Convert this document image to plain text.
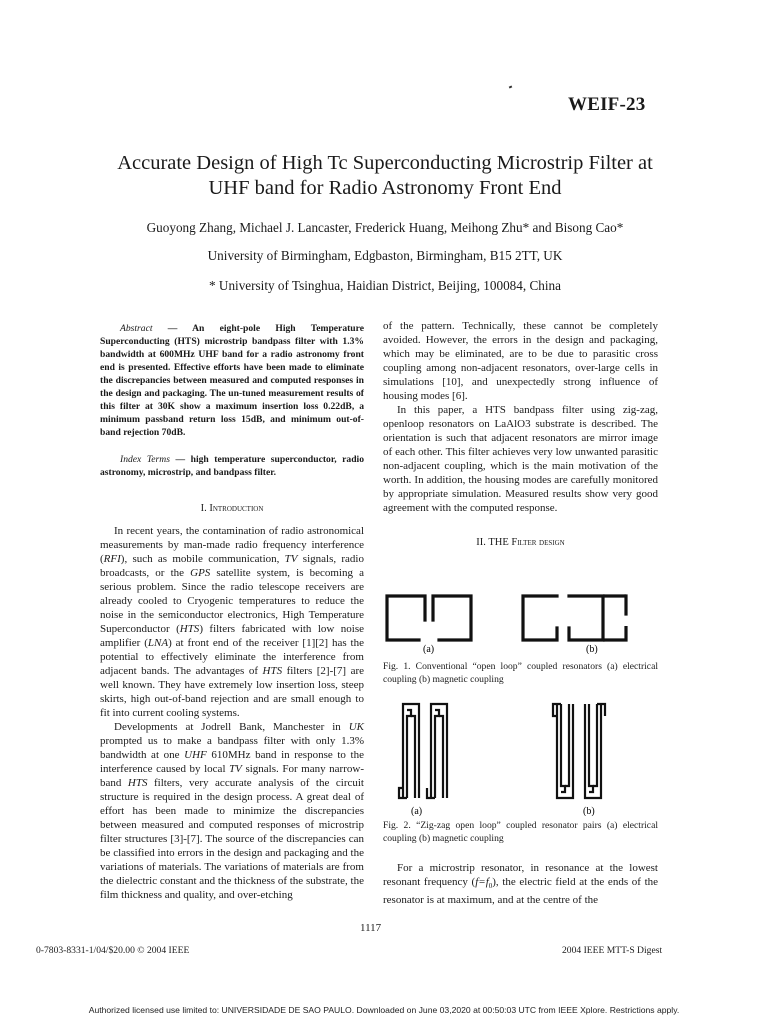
WEIF-23
Accurate Design of High Tc Superconducting Microstrip Filter at
UHF band for Radio Astronomy Front End
Guoyong Zhang, Michael J. Lancaster, Frederick Huang, Meihong Zhu* and Bisong Cao*
University of Birmingham, Edgbaston, Birmingham, B15 2TT, UK
* University of Tsinghua, Haidian District, Beijing, 100084, China

Abstract — An eight-pole High Temperature Superconducting (HTS) microstrip bandpass filter with 1.3% bandwidth at 600MHz UHF band for a radio astronomy front end is presented. Effective efforts have been made to eliminate the discrepancies between measured and computed responses in the design and packaging. The un-tuned measurement results of this filter at 30K show a maximum insertion loss 0.22dB, a minimum passband return loss 15dB, and minimum out-of-band rejection 70dB.

Index Terms — high temperature superconductor, radio astronomy, microstrip, and bandpass filter.

I. Introduction

In recent years, the contamination of radio astronomical measurements by man-made radio frequency interference (RFI), such as mobile communication, TV signals, radio broadcasts, or the GPS satellite system, is becoming a serious problem. Since the radio telescope receivers are already cooled to Cryogenic temperatures to reduce the noise in the semiconductor electronics, High Temperature Superconductor (HTS) filters fabricated with low noise amplifier (LNA) at front end of the receiver [1][2] has the potential to effectively eliminate the interference from adjacent bands. The advantages of HTS filters [2]-[7] are well known. They have extremely low insertion loss, steep skirts, high out-of-band rejection and are small enough to fit into current cooling systems.

Developments at Jodrell Bank, Manchester in UK prompted us to make a bandpass filter with only 1.3% bandwidth at one UHF 610MHz band in response to the interference caused by local TV signals. For many narrow-band HTS filters, very accurate analysis of the circuit structure is required in the design process. A great deal of effort has been made to minimize the discrepancies between measured and computed responses of microstrip filter structures [3]-[7]. The source of the discrepancies can be classified into errors in the design and packaging and the variations of materials. The variations of materials are from the dielectric constant and the thickness of the substrate, the film thickness and quality, and over-etching

of the pattern. Technically, these cannot be completely avoided. However, the errors in the design and packaging, which may be eliminated, are to be due to parasitic cross coupling among non-adjacent resonators, over-large cells in simulations [10], and unexpectedly strong influence of housing modes [6].

In this paper, a HTS bandpass filter using zig-zag, openloop resonators on LaAlO3 substrate is described. The orientation is such that adjacent resonators are mirror image of each other. This filter achieves very low unwanted parasitic non-adjacent coupling, which is the main motivation of the worth. In addition, the housing modes are carefully monitored by appropriate simulation. Measured results show very good agreement with the computed response.

II. THE Filter design
(a)	(b)

Fig. 1. Conventional “open loop” coupled resonators (a) electrical coupling (b) magnetic coupling

(a)	(b)

Fig. 2. “Zig-zag open loop” coupled resonator pairs (a) electrical coupling (b) magnetic coupling

For a microstrip resonator, in resonance at the lowest resonant frequency $(f=f_0)$, the electric field at the ends of the resonator is at maximum, and at the centre of the

1117
0-7803-8331-1/04/$20.00 © 2004 IEEE	2004 IEEE MTT-S Digest
Authorized licensed use limited to: UNIVERSIDADE DE SAO PAULO. Downloaded on June 03,2020 at 00:50:03 UTC from IEEE Xplore. Restrictions apply.
